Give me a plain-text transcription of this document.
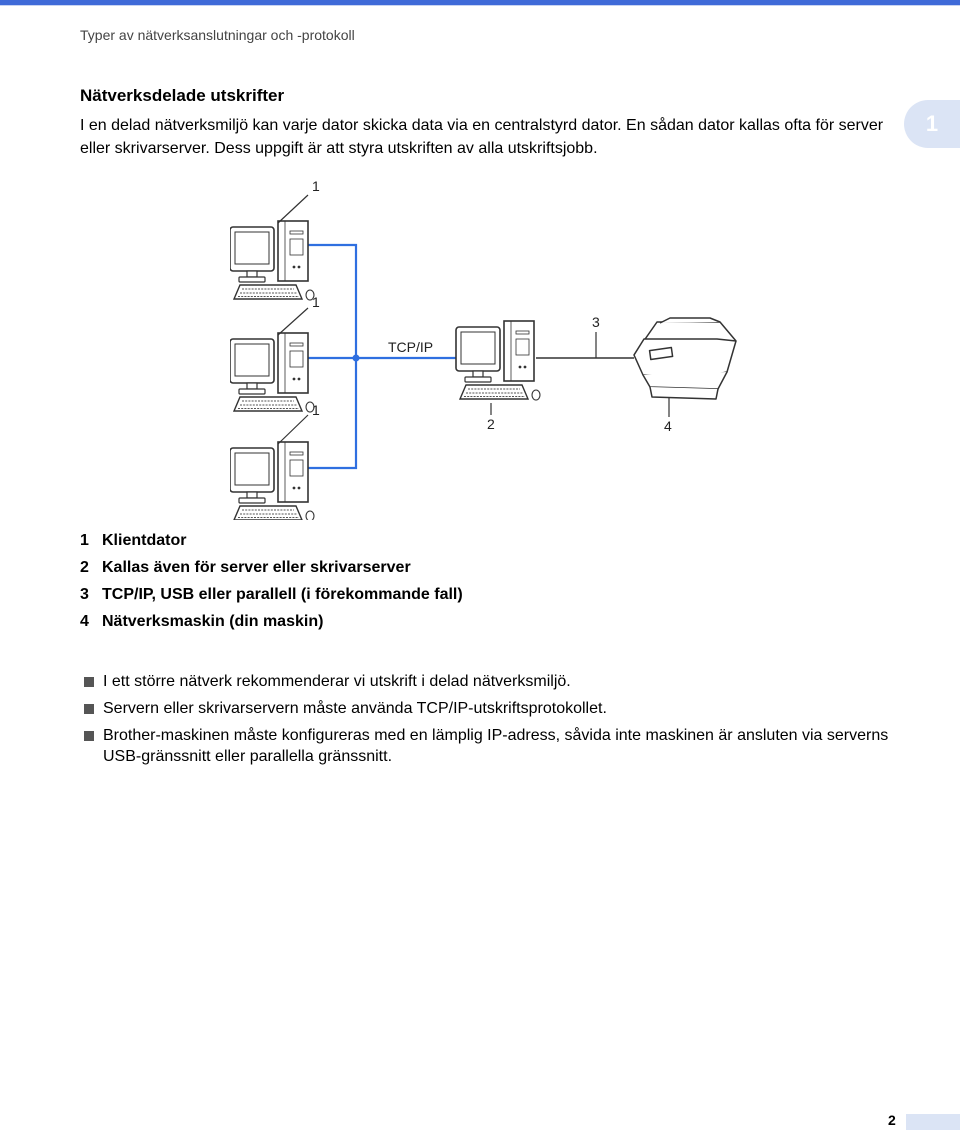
Typer av nätverksanslutningar och -protokoll
Nätverksdelade utskrifter

I en delad nätverksmiljö kan varje dator skicka data via en centralstyrd dator. En sådan dator kallas ofta för server eller skrivarserver. Dess uppgift är att styra utskriften av alla utskriftsjobb.

1
1
1
1
2
3
4
TCP/IP
1 Klientdator
2 Kallas även för server eller skrivarserver
3 TCP/IP, USB eller parallell (i förekommande fall)
4 Nätverksmaskin (din maskin)
I ett större nätverk rekommenderar vi utskrift i delad nätverksmiljö.
Servern eller skrivarservern måste använda TCP/IP-utskriftsprotokollet.
Brother-maskinen måste konfigureras med en lämplig IP-adress, såvida inte maskinen är ansluten via serverns USB-gränssnitt eller parallella gränssnitt.
2
